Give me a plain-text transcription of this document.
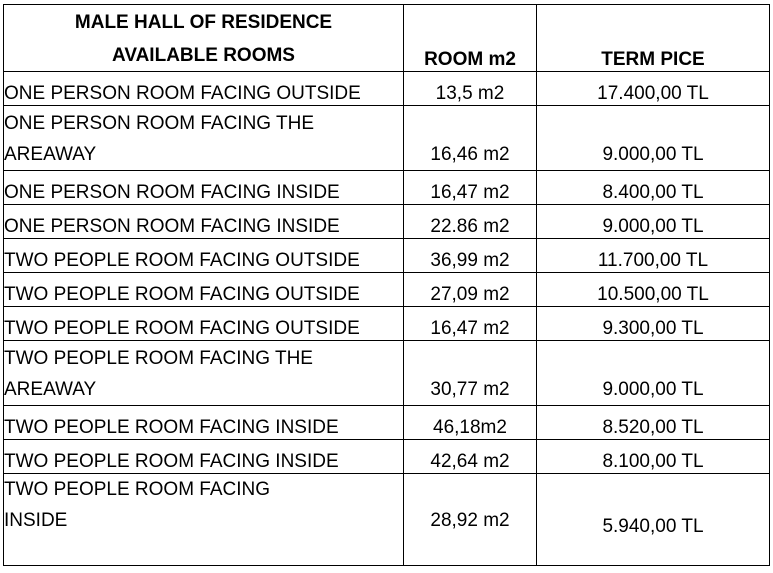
MALE HALL OF RESIDENCE
AVAILABLE ROOMS	ROOM m2	TERM PICE
ONE PERSON ROOM FACING OUTSIDE	13,5 m2	17.400,00 TL

ONE PERSON ROOM FACING THE
AREAWAY	16,46 m2	9.000,00 TL

ONE PERSON ROOM FACING INSIDE	16,47 m2	8.400,00 TL
ONE PERSON ROOM FACING INSIDE	22.86 m2	9.000,00 TL
TWO PEOPLE ROOM FACING OUTSIDE	36,99 m2	11.700,00 TL
TWO PEOPLE ROOM FACING OUTSIDE	27,09 m2	10.500,00 TL
TWO PEOPLE ROOM FACING OUTSIDE	16,47 m2	9.300,00 TL

TWO PEOPLE ROOM FACING THE
AREAWAY	30,77 m2	9.000,00 TL

TWO PEOPLE ROOM FACING INSIDE	46,18m2	8.520,00 TL
TWO PEOPLE ROOM FACING INSIDE	42,64 m2	8.100,00 TL

TWO PEOPLE ROOM FACING
INSIDE	28,92 m2	5.940,00 TL
